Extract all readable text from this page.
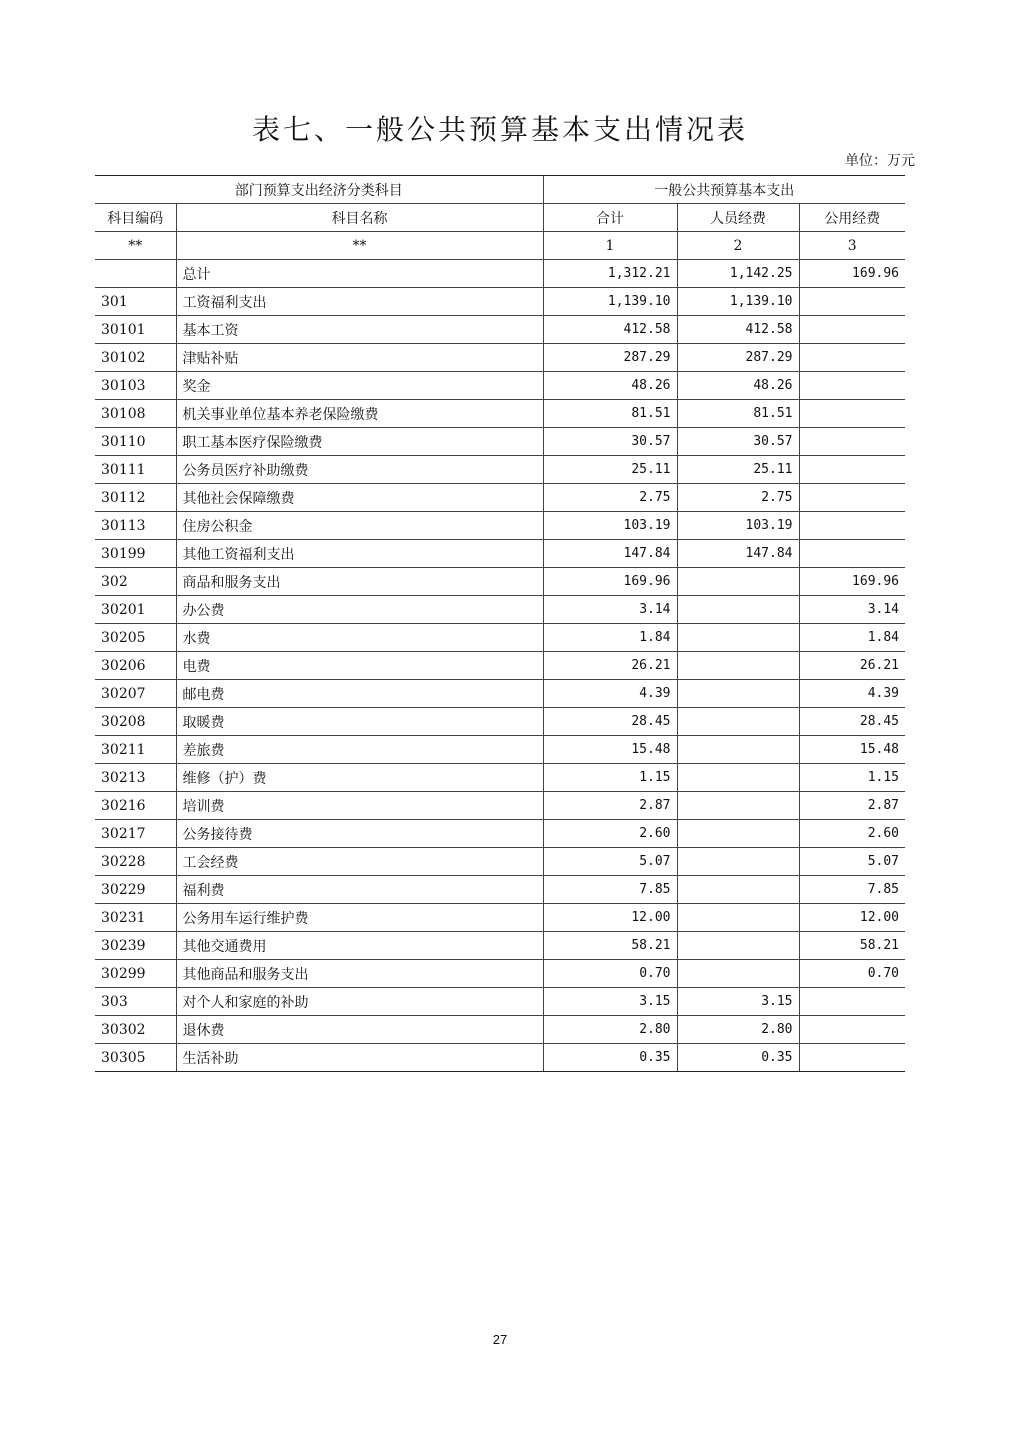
表七、一般公共预算基本支出情况表
单位：万元
部门预算支出经济分类科目		一般公共预算基本支出		
科目编码	科目名称	合计	人员经费	公用经费
**	**	1	2	3
	总计	1,312.21	1,142.25	169.96
301	工资福利支出	1,139.10	1,139.10	
30101	基本工资	412.58	412.58	
30102	津贴补贴	287.29	287.29	
30103	奖金	48.26	48.26	
30108	机关事业单位基本养老保险缴费	81.51	81.51	
30110	职工基本医疗保险缴费	30.57	30.57	
30111	公务员医疗补助缴费	25.11	25.11	
30112	其他社会保障缴费	2.75	2.75	
30113	住房公积金	103.19	103.19	
30199	其他工资福利支出	147.84	147.84	
302	商品和服务支出	169.96		169.96
30201	办公费	3.14		3.14
30205	水费	1.84		1.84
30206	电费	26.21		26.21
30207	邮电费	4.39		4.39
30208	取暖费	28.45		28.45
30211	差旅费	15.48		15.48
30213	维修（护）费	1.15		1.15
30216	培训费	2.87		2.87
30217	公务接待费	2.60		2.60
30228	工会经费	5.07		5.07
30229	福利费	7.85		7.85
30231	公务用车运行维护费	12.00		12.00
30239	其他交通费用	58.21		58.21
30299	其他商品和服务支出	0.70		0.70
303	对个人和家庭的补助	3.15	3.15	
30302	退休费	2.80	2.80	
30305	生活补助	0.35	0.35	
27
